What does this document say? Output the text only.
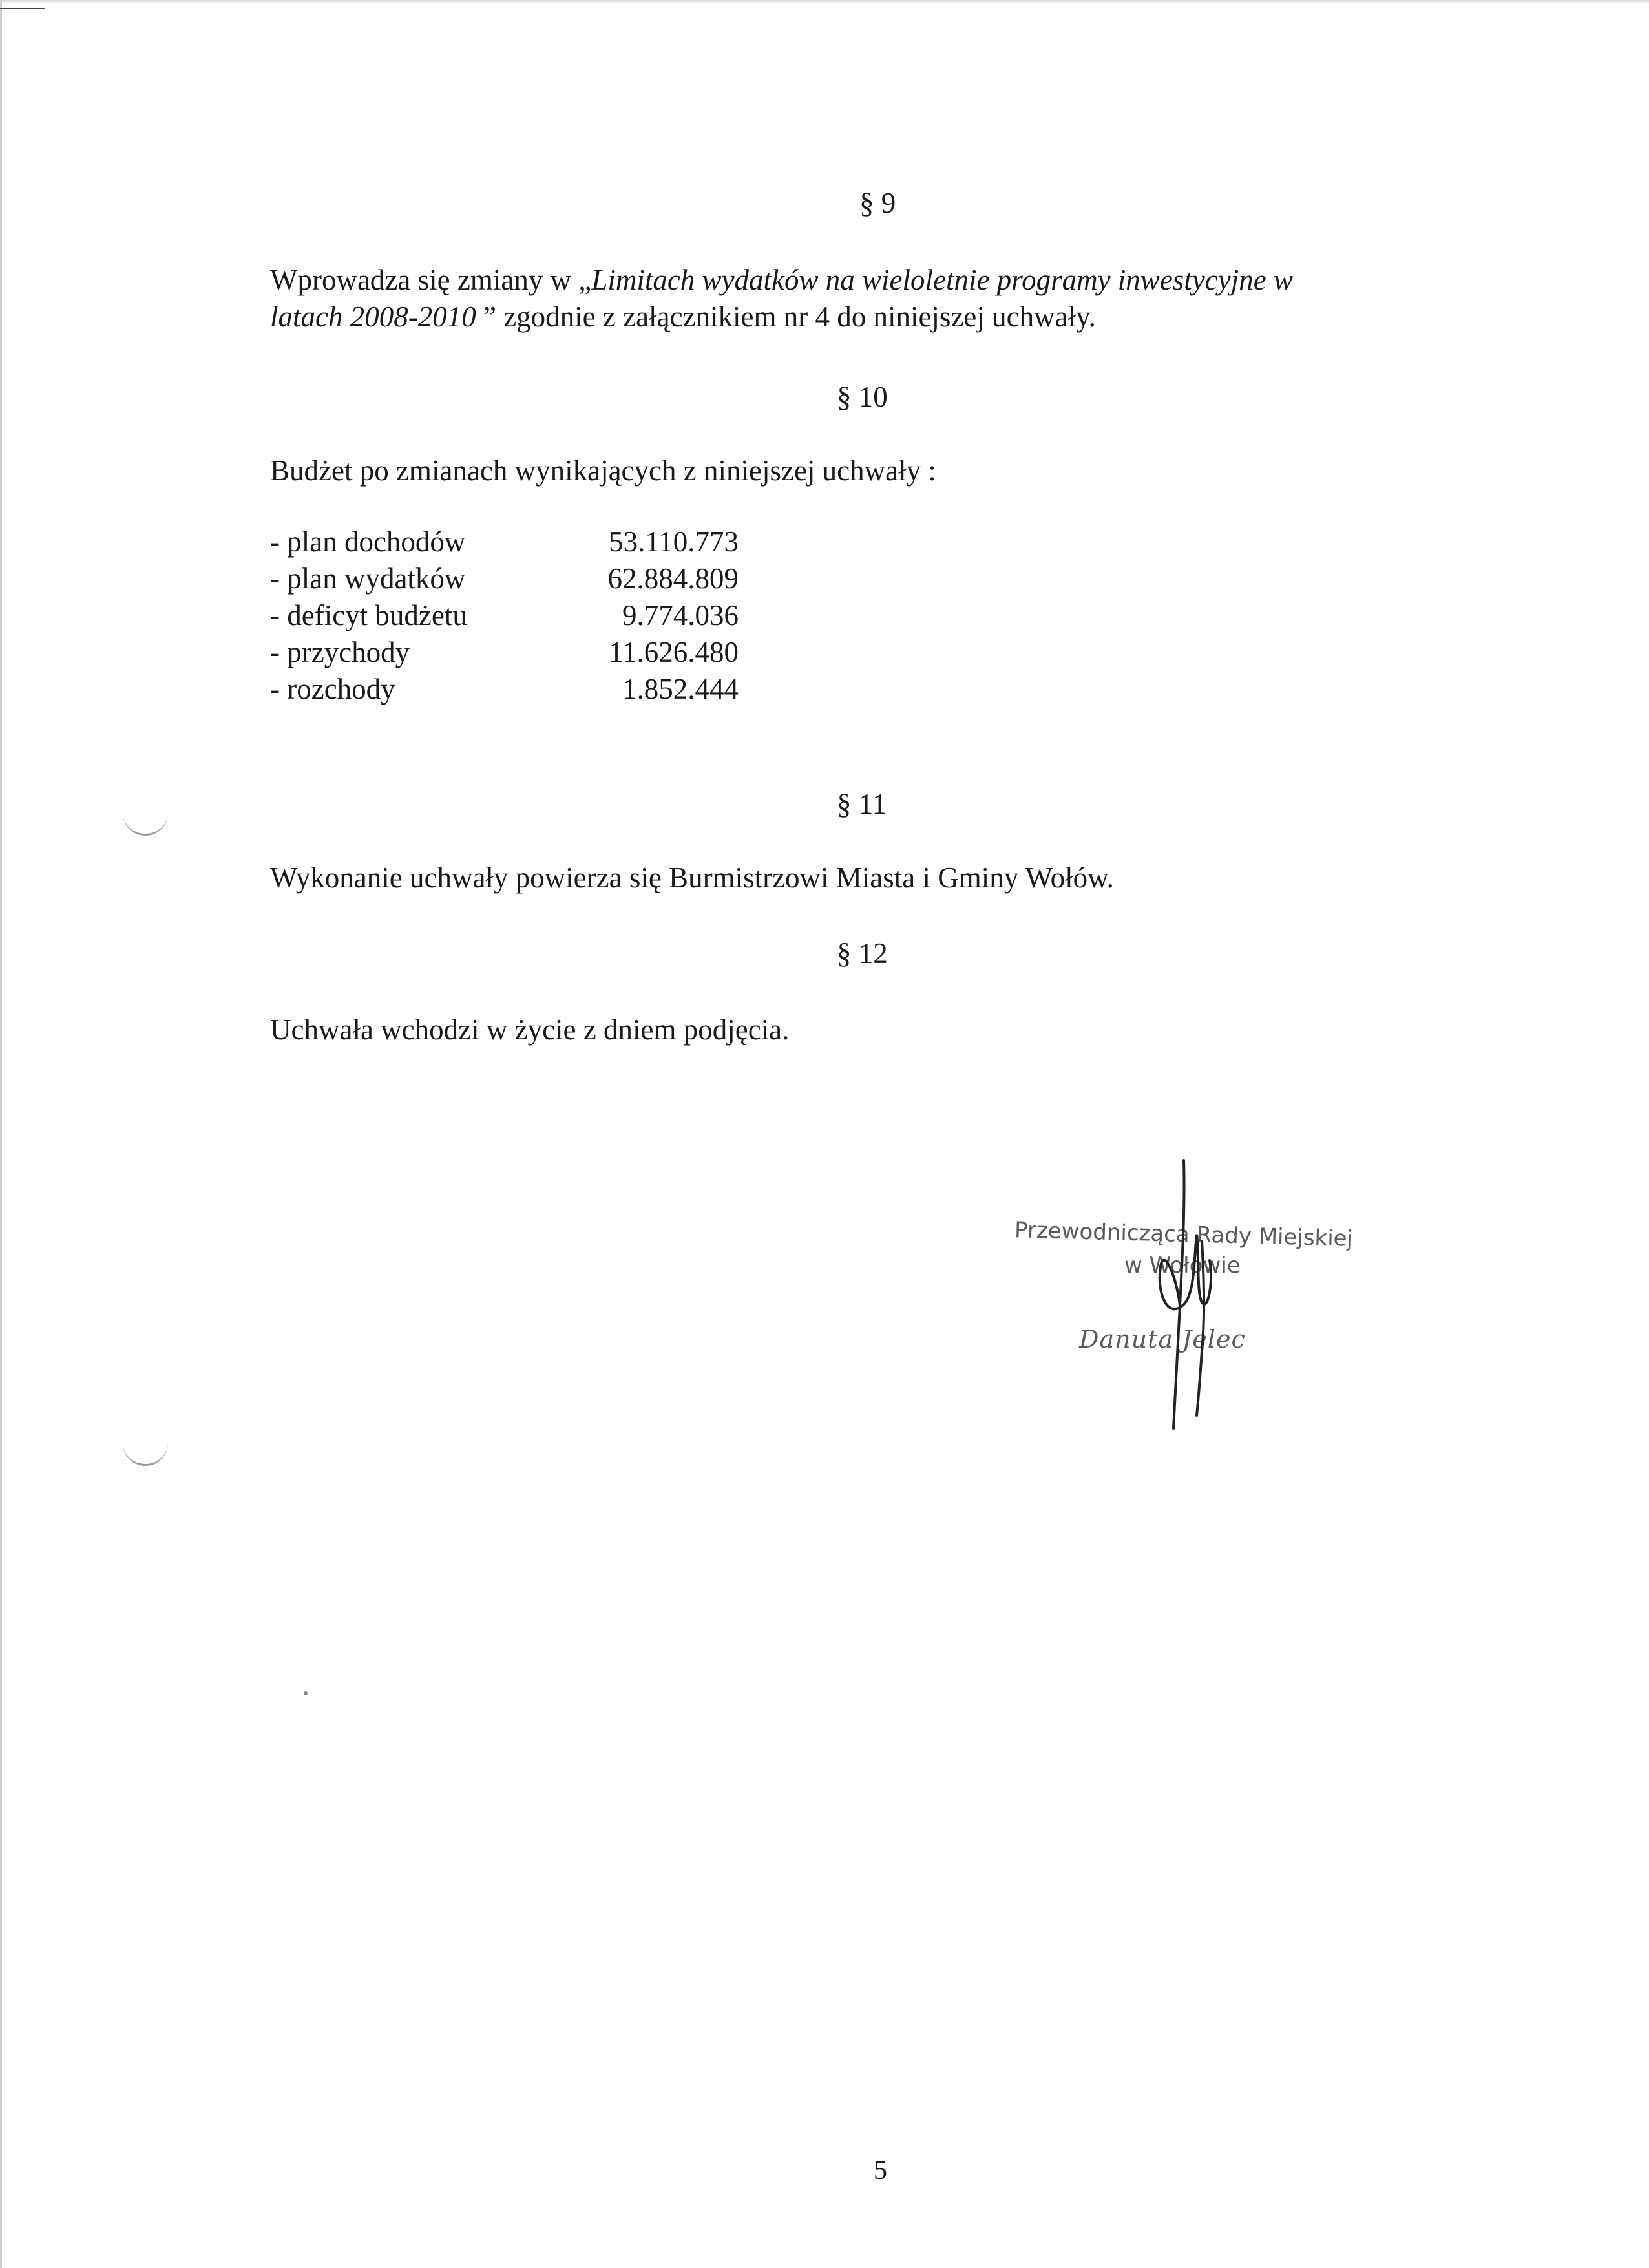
§ 9
Wprowadza się zmiany w „Limitach wydatków na wieloletnie programy inwestycyjne w
latach 2008-2010 ” zgodnie z załącznikiem nr 4 do niniejszej uchwały.
§ 10
Budżet po zmianach wynikających z niniejszej uchwały :
- plan dochodów	53.110.773
- plan wydatków	62.884.809
- deficyt budżetu	9.774.036
- przychody	11.626.480
- rozchody	1.852.444
§ 11
Wykonanie uchwały powierza się Burmistrzowi Miasta i Gminy Wołów.
§ 12
Uchwała wchodzi w życie z dniem podjęcia.
Przewodnicząca Rady Miejskiej
w Wołowie
Danuta Jelec
5
